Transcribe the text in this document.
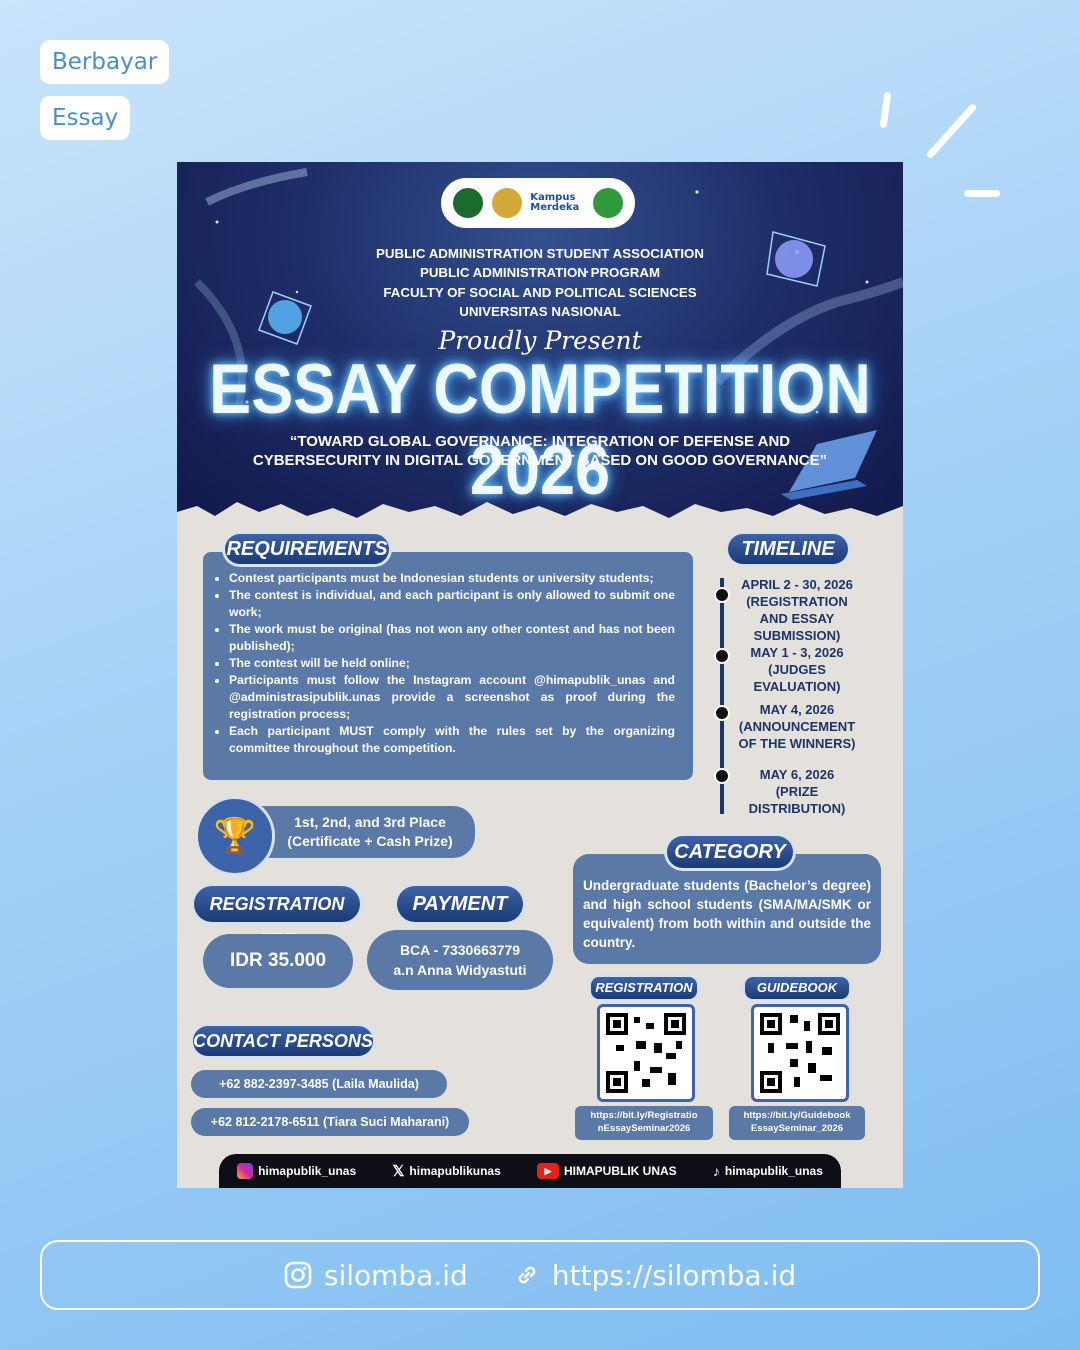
Berbayar
Essay
Kampus Merdeka
PUBLIC ADMINISTRATION STUDENT ASSOCIATION
PUBLIC ADMINISTRATION PROGRAM
FACULTY OF SOCIAL AND POLITICAL SCIENCES
UNIVERSITAS NASIONAL
Proudly Present
ESSAY COMPETITION 2026
“TOWARD GLOBAL GOVERNANCE: INTEGRATION OF DEFENSE AND
CYBERSECURITY IN DIGITAL GOVERNMENT BASED ON GOOD GOVERNANCE”
• Contest participants must be Indonesian students or university students;
• The contest is individual, and each participant is only allowed to submit one work;
• The work must be original (has not won any other contest and has not been published);
• The contest will be held online;
• Participants must follow the Instagram account @himapublik_unas and @administrasipublik.unas provide a screenshot as proof during the registration process;
• Each participant MUST comply with the rules set by the organizing committee throughout the competition.
REQUIREMENTS	TIMELINE
APRIL 2 - 30, 2026
(REGISTRATION AND ESSAY SUBMISSION)
MAY 1 - 3, 2026
(JUDGES EVALUATION)
MAY 4, 2026
(ANNOUNCEMENT OF THE WINNERS)
MAY 6, 2026
(PRIZE DISTRIBUTION)
1st, 2nd, and 3rd Place
(Certificate + Cash Prize)
🏆
Undergraduate students (Bachelor’s degree) and high school students (SMA/MA/SMK or equivalent) from both within and outside the country.
CATEGORY
REGISTRATION	PAYMENT
IDR 35.000	BCA - 7330663779
a.n Anna Widyastuti
CONTACT PERSONS
+62 882-2397-3485 (Laila Maulida)
+62 812-2178-6511 (Tiara Suci Maharani)
REGISTRATION	GUIDEBOOK
https://bit.ly/Registratio
nEssaySeminar2026
https://bit.ly/Guidebook
EssaySeminar_2026
himapublik_unas 𝕏 himapublikunas	▶	HIMAPUBLIK UNAS	♪ himapublik_unas
silomba.id	https://silomba.id
